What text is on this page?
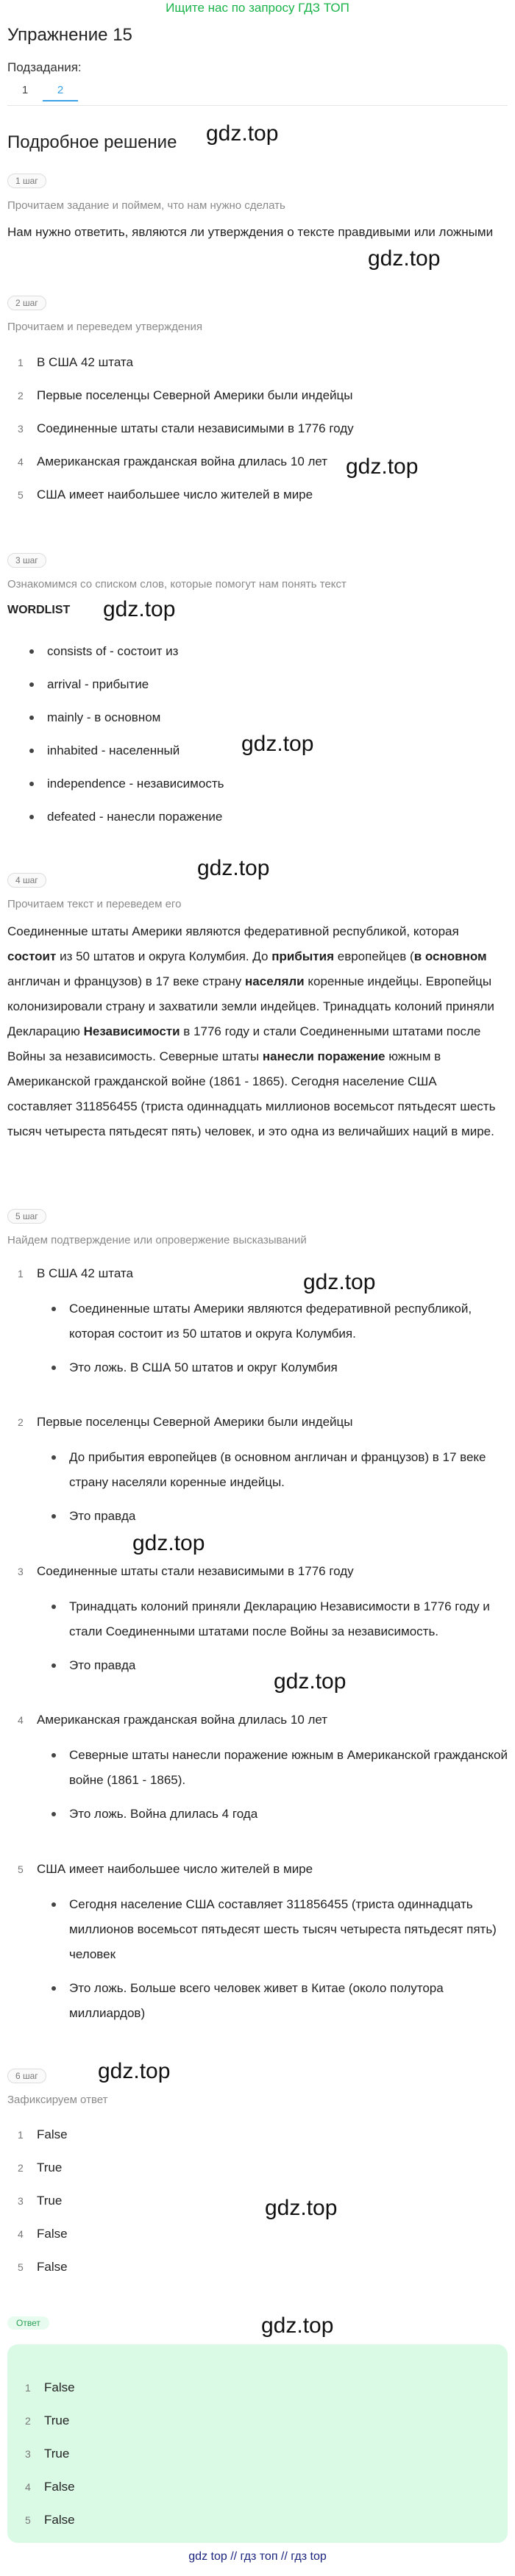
Ищите нас по запросу ГДЗ ТОП
Упражнение 15
Подзадания:
1	2
Подробное решение gdz.top
gdz.top
gdz.top
gdz.top
gdz.top
gdz.top
gdz.top
gdz.top
gdz.top
gdz.top
gdz.top
gdz.top
1 шаг
Прочитаем задание и поймем, что нам нужно сделать
Нам нужно ответить, являются ли утверждения о тексте правдивыми или ложными
2 шаг
Прочитаем и переведем утверждения
1	В США 42 штата
2	Первые поселенцы Северной Америки были индейцы
3	Соединенные штаты стали независимыми в 1776 году
4	Американская гражданская война длилась 10 лет
5	США имеет наибольшее число жителей в мире
3 шаг
Ознакомимся со списком слов, которые помогут нам понять текст
WORDLIST
consists of - состоит из
arrival - прибытие
mainly - в основном
inhabited - населенный
independence - независимость
defeated - нанесли поражение
4 шаг
Прочитаем текст и переведем его
Соединенные штаты Америки являются федеративной республикой, которая состоит из 50 штатов и округа Колумбия. До прибытия европейцев (в основном англичан и французов) в 17 веке страну населяли коренные индейцы. Европейцы колонизировали страну и захватили земли индейцев. Тринадцать колоний приняли Декларацию Независимости в 1776 году и стали Соединенными штатами после Войны за независимость. Северные штаты нанесли поражение южным в Американской гражданской войне (1861 - 1865). Сегодня население США составляет 311856455 (триста одиннадцать миллионов восемьсот пятьдесят шесть тысяч четыреста пятьдесят пять) человек, и это одна из величайших наций в мире.
5 шаг
Найдем подтверждение или опровержение высказываний
1	В США 42 штата
Соединенные штаты Америки являются федеративной республикой, которая состоит из 50 штатов и округа Колумбия.
Это ложь. В США 50 штатов и округ Колумбия
2	Первые поселенцы Северной Америки были индейцы
До прибытия европейцев (в основном англичан и французов) в 17 веке страну населяли коренные индейцы.
Это правда
3	Соединенные штаты стали независимыми в 1776 году
Тринадцать колоний приняли Декларацию Независимости в 1776 году и стали Соединенными штатами после Войны за независимость.
Это правда
4	Американская гражданская война длилась 10 лет
Северные штаты нанесли поражение южным в Американской гражданской войне (1861 - 1865).
Это ложь. Война длилась 4 года
5	США имеет наибольшее число жителей в мире
Сегодня население США составляет 311856455 (триста одиннадцать миллионов восемьсот пятьдесят шесть тысяч четыреста пятьдесят пять) человек
Это ложь. Больше всего человек живет в Китае (около полутора миллиардов)
6 шаг
Зафиксируем ответ
1	False
2	True
3	True
4	False
5	False
Ответ
1	False
2	True
3	True
4	False
5	False
gdz top // гдз топ // гдз top
